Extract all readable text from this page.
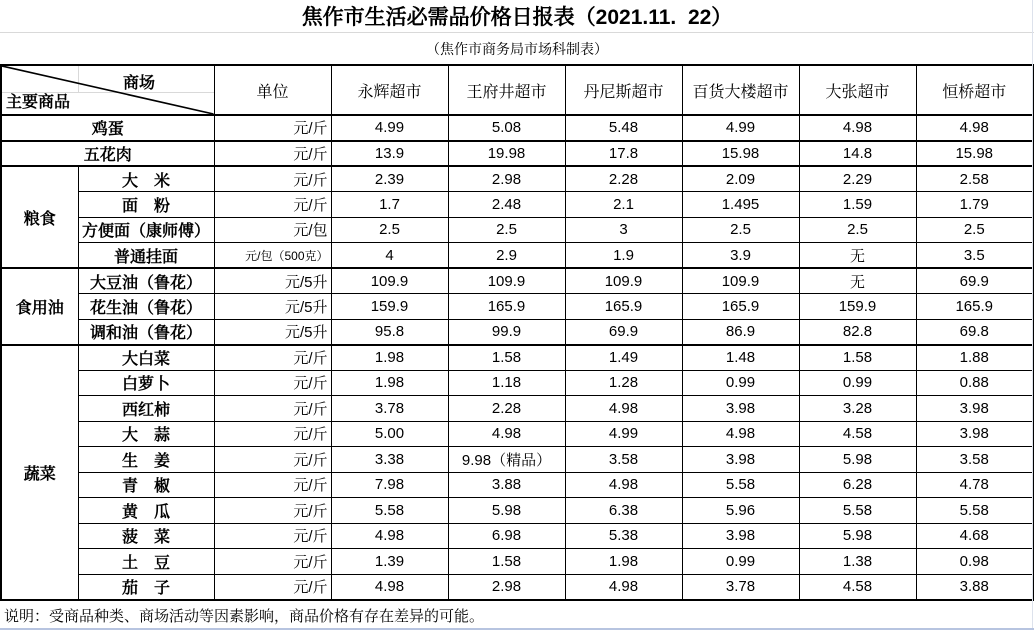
焦作市生活必需品价格日报表（2021.11.  22）
（焦作市商务局市场科制表）
商场
主要商品		单位	永辉超市	王府井超市	丹尼斯超市	百货大楼超市	大张超市	恒桥超市
鸡蛋		元/斤	4.99	5.08	5.48	4.99	4.98	4.98
五花肉		元/斤	13.9	19.98	17.8	15.98	14.8	15.98
粮食	大　米	元/斤	2.39	2.98	2.28	2.09	2.29	2.58
	面　粉	元/斤	1.7	2.48	2.1	1.495	1.59	1.79
	方便面（康师傅）	元/包	2.5	2.5	3	2.5	2.5	2.5
	普通挂面	元/包（500克）	4	2.9	1.9	3.9	无	3.5
食用油	大豆油（鲁花）	元/5升	109.9	109.9	109.9	109.9	无	69.9
	花生油（鲁花）	元/5升	159.9	165.9	165.9	165.9	159.9	165.9
	调和油（鲁花）	元/5升	95.8	99.9	69.9	86.9	82.8	69.8
蔬菜	大白菜	元/斤	1.98	1.58	1.49	1.48	1.58	1.88
	白萝卜	元/斤	1.98	1.18	1.28	0.99	0.99	0.88
	西红柿	元/斤	3.78	2.28	4.98	3.98	3.28	3.98
	大　蒜	元/斤	5.00	4.98	4.99	4.98	4.58	3.98
	生　姜	元/斤	3.38	9.98（精品）	3.58	3.98	5.98	3.58
	青　椒	元/斤	7.98	3.88	4.98	5.58	6.28	4.78
	黄　瓜	元/斤	5.58	5.98	6.38	5.96	5.58	5.58
	菠　菜	元/斤	4.98	6.98	5.38	3.98	5.98	4.68
	土　豆	元/斤	1.39	1.58	1.98	0.99	1.38	0.98
	茄　子	元/斤	4.98	2.98	4.98	3.78	4.58	3.88
说明：受商品种类、商场活动等因素影响，商品价格有存在差异的可能。
